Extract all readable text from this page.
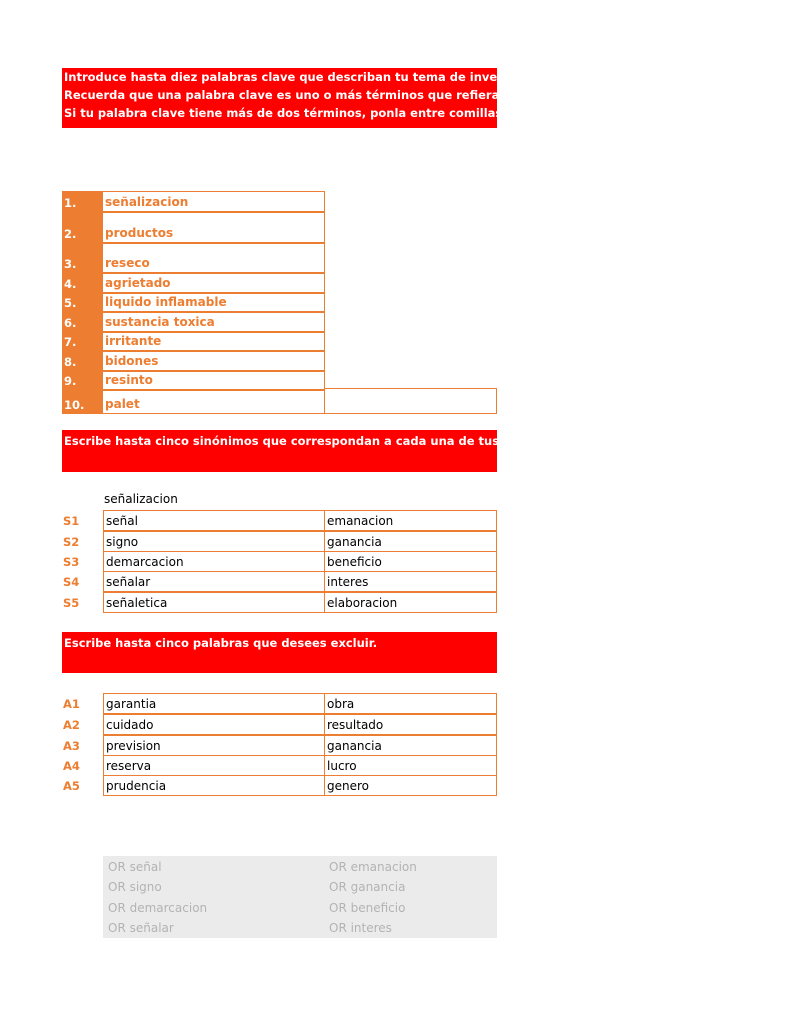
Introduce hasta diez palabras clave que describan tu tema de investigación.
Recuerda que una palabra clave es uno o más términos que refieran inequívocamente a tu tema de investigación.
Si tu palabra clave tiene más de dos términos, ponla entre comillas. Ej. "hunting dog"
1.	señalizacion
2.	productos
3.	reseco
4.	agrietado
5.	liquido inflamable
6.	sustancia toxica
7.	irritante
8.	bidones
9.	resinto
10.	palet
Escribe hasta cinco sinónimos que correspondan a cada una de tus palabras clave.
señalizacion
S1	señal	emanacion
S2	signo	ganancia
S3	demarcacion	beneficio
S4	señalar	interes
S5	señaletica	elaboracion
Escribe hasta cinco palabras que desees excluir.
A1	garantia	obra
A2	cuidado	resultado
A3	prevision	ganancia
A4	reserva	lucro
A5	prudencia	genero
OR señal	OR emanacion
OR signo	OR ganancia
OR demarcacion	OR beneficio
OR señalar	OR interes
